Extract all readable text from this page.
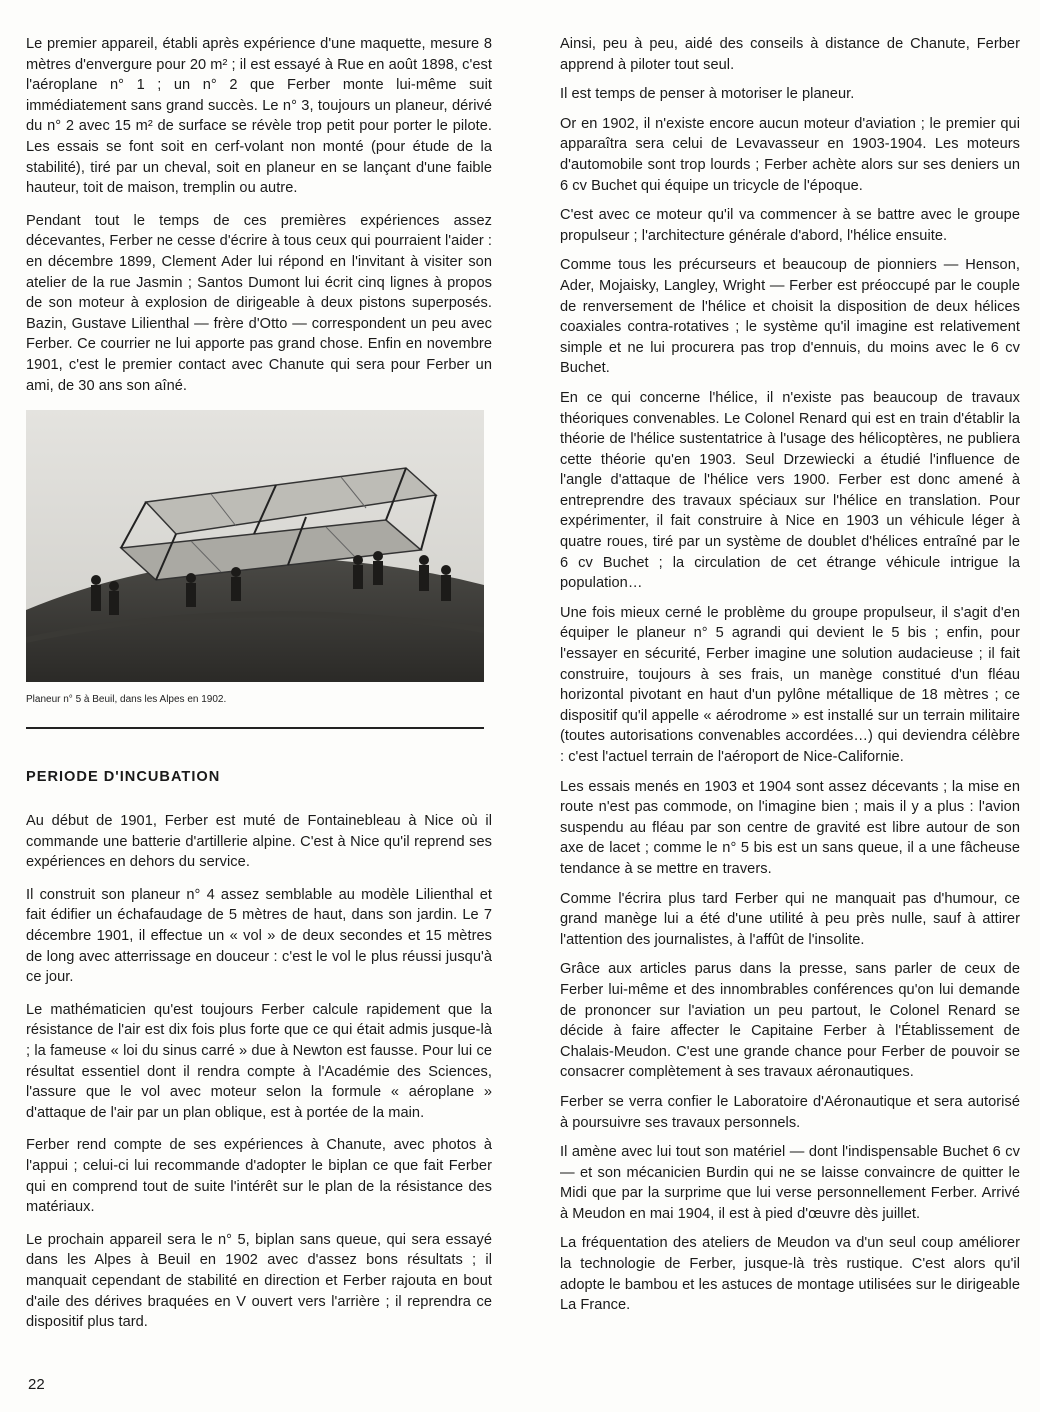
Le premier appareil, établi après expérience d'une maquette, mesure 8 mètres d'envergure pour 20 m² ; il est essayé à Rue en août 1898, c'est l'aéroplane n° 1 ; un n° 2 que Ferber monte lui-même suit immédiatement sans grand succès. Le n° 3, toujours un planeur, dérivé du n° 2 avec 15 m² de surface se révèle trop petit pour porter le pilote. Les essais se font soit en cerf-volant non monté (pour étude de la stabilité), tiré par un cheval, soit en planeur en se lançant d'une faible hauteur, toit de maison, tremplin ou autre.

Pendant tout le temps de ces premières expériences assez décevantes, Ferber ne cesse d'écrire à tous ceux qui pourraient l'aider : en décembre 1899, Clement Ader lui répond en l'invitant à visiter son atelier de la rue Jasmin ; Santos Dumont lui écrit cinq lignes à propos de son moteur à explosion de dirigeable à deux pistons superposés. Bazin, Gustave Lilienthal — frère d'Otto — correspondent un peu avec Ferber. Ce courrier ne lui apporte pas grand chose. Enfin en novembre 1901, c'est le premier contact avec Chanute qui sera pour Ferber un ami, de 30 ans son aîné.

Planeur n° 5 à Beuil, dans les Alpes en 1902.
PERIODE D'INCUBATION

Au début de 1901, Ferber est muté de Fontainebleau à Nice où il commande une batterie d'artillerie alpine. C'est à Nice qu'il reprend ses expériences en dehors du service.

Il construit son planeur n° 4 assez semblable au modèle Lilienthal et fait édifier un échafaudage de 5 mètres de haut, dans son jardin. Le 7 décembre 1901, il effectue un « vol » de deux secondes et 15 mètres de long avec atterrissage en douceur : c'est le vol le plus réussi jusqu'à ce jour.

Le mathématicien qu'est toujours Ferber calcule rapidement que la résistance de l'air est dix fois plus forte que ce qui était admis jusque-là ; la fameuse « loi du sinus carré » due à Newton est fausse. Pour lui ce résultat essentiel dont il rendra compte à l'Académie des Sciences, l'assure que le vol avec moteur selon la formule « aéroplane » d'attaque de l'air par un plan oblique, est à portée de la main.

Ferber rend compte de ses expériences à Chanute, avec photos à l'appui ; celui-ci lui recommande d'adopter le biplan ce que fait Ferber qui en comprend tout de suite l'intérêt sur le plan de la résistance des matériaux.

Le prochain appareil sera le n° 5, biplan sans queue, qui sera essayé dans les Alpes à Beuil en 1902 avec d'assez bons résultats ; il manquait cependant de stabilité en direction et Ferber rajouta en bout d'aile des dérives braquées en V ouvert vers l'arrière ; il reprendra ce dispositif plus tard.

Ainsi, peu à peu, aidé des conseils à distance de Chanute, Ferber apprend à piloter tout seul.

Il est temps de penser à motoriser le planeur.

Or en 1902, il n'existe encore aucun moteur d'aviation ; le premier qui apparaîtra sera celui de Levavasseur en 1903-1904. Les moteurs d'automobile sont trop lourds ; Ferber achète alors sur ses deniers un 6 cv Buchet qui équipe un tricycle de l'époque.

C'est avec ce moteur qu'il va commencer à se battre avec le groupe propulseur ; l'architecture générale d'abord, l'hélice ensuite.

Comme tous les précurseurs et beaucoup de pionniers — Henson, Ader, Mojaisky, Langley, Wright — Ferber est préoccupé par le couple de renversement de l'hélice et choisit la disposition de deux hélices coaxiales contra-rotatives ; le système qu'il imagine est relativement simple et ne lui procurera pas trop d'ennuis, du moins avec le 6 cv Buchet.

En ce qui concerne l'hélice, il n'existe pas beaucoup de travaux théoriques convenables. Le Colonel Renard qui est en train d'établir la théorie de l'hélice sustentatrice à l'usage des hélicoptères, ne publiera cette théorie qu'en 1903. Seul Drzewiecki a étudié l'influence de l'angle d'attaque de l'hélice vers 1900. Ferber est donc amené à entreprendre des travaux spéciaux sur l'hélice en translation. Pour expérimenter, il fait construire à Nice en 1903 un véhicule léger à quatre roues, tiré par un système de doublet d'hélices entraîné par le 6 cv Buchet ; la circulation de cet étrange véhicule intrigue la population…

Une fois mieux cerné le problème du groupe propulseur, il s'agit d'en équiper le planeur n° 5 agrandi qui devient le 5 bis ; enfin, pour l'essayer en sécurité, Ferber imagine une solution audacieuse ; il fait construire, toujours à ses frais, un manège constitué d'un fléau horizontal pivotant en haut d'un pylône métallique de 18 mètres ; ce dispositif qu'il appelle « aérodrome » est installé sur un terrain militaire (toutes autorisations convenables accordées…) qui deviendra célèbre : c'est l'actuel terrain de l'aéroport de Nice-Californie.

Les essais menés en 1903 et 1904 sont assez décevants ; la mise en route n'est pas commode, on l'imagine bien ; mais il y a plus : l'avion suspendu au fléau par son centre de gravité est libre autour de son axe de lacet ; comme le n° 5 bis est un sans queue, il a une fâcheuse tendance à se mettre en travers.

Comme l'écrira plus tard Ferber qui ne manquait pas d'humour, ce grand manège lui a été d'une utilité à peu près nulle, sauf à attirer l'attention des journalistes, à l'affût de l'insolite.

Grâce aux articles parus dans la presse, sans parler de ceux de Ferber lui-même et des innombrables conférences qu'on lui demande de prononcer sur l'aviation un peu partout, le Colonel Renard se décide à faire affecter le Capitaine Ferber à l'Établissement de Chalais-Meudon. C'est une grande chance pour Ferber de pouvoir se consacrer complètement à ses travaux aéronautiques.

Ferber se verra confier le Laboratoire d'Aéronautique et sera autorisé à poursuivre ses travaux personnels.

Il amène avec lui tout son matériel — dont l'indispensable Buchet 6 cv — et son mécanicien Burdin qui ne se laisse convaincre de quitter le Midi que par la surprime que lui verse personnellement Ferber. Arrivé à Meudon en mai 1904, il est à pied d'œuvre dès juillet.

La fréquentation des ateliers de Meudon va d'un seul coup améliorer la technologie de Ferber, jusque-là très rustique. C'est alors qu'il adopte le bambou et les astuces de montage utilisées sur le dirigeable La France.

22
